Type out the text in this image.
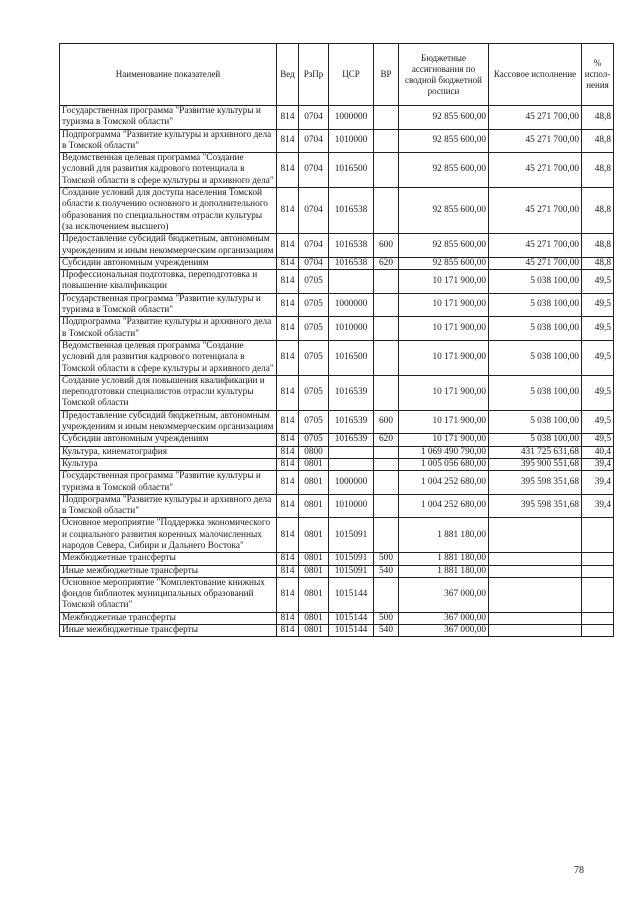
Наименование показателей	Вед	РзПр	ЦСР	ВР	Бюджетные ассигнования по сводной бюджетной росписи	Кассовое исполнение	% испол-нения
Государственная программа "Развитие культуры и туризма в Томской области"	814	0704	1000000		92 855 600,00	45 271 700,00	48,8
Подпрограмма "Развитие культуры и архивного дела в Томской области"	814	0704	1010000		92 855 600,00	45 271 700,00	48,8
Ведомственная целевая программа "Создание условий для развития кадрового потенциала в Томской области в сфере культуры и архивного дела"	814	0704	1016500		92 855 600,00	45 271 700,00	48,8
Создание условий для доступа населения Томской области к получению основного и дополнительного образования по специальностям отрасли культуры (за исключением высшего)	814	0704	1016538		92 855 600,00	45 271 700,00	48,8
Предоставление субсидий бюджетным, автономным учреждениям и иным некоммерческим организациям	814	0704	1016538	600	92 855 600,00	45 271 700,00	48,8
Субсидии автономным учреждениям	814	0704	1016538	620	92 855 600,00	45 271 700,00	48,8
Профессиональная подготовка, переподготовка и повышение квалификации	814	0705			10 171 900,00	5 038 100,00	49,5
Государственная программа "Развитие культуры и туризма в Томской области"	814	0705	1000000		10 171 900,00	5 038 100,00	49,5
Подпрограмма "Развитие культуры и архивного дела в Томской области"	814	0705	1010000		10 171 900,00	5 038 100,00	49,5
Ведомственная целевая программа "Создание условий для развития кадрового потенциала в Томской области в сфере культуры и архивного дела"	814	0705	1016500		10 171 900,00	5 038 100,00	49,5
Создание условий для повышения квалификации и переподготовки специалистов отрасли культуры Томской области	814	0705	1016539		10 171 900,00	5 038 100,00	49,5
Предоставление субсидий бюджетным, автономным учреждениям и иным некоммерческим организациям	814	0705	1016539	600	10 171 900,00	5 038 100,00	49,5
Субсидии автономным учреждениям	814	0705	1016539	620	10 171 900,00	5 038 100,00	49,5
Культура, кинематография	814	0800			1 069 490 790,00	431 725 631,68	40,4
Культура	814	0801			1 005 056 680,00	395 900 551,68	39,4
Государственная программа "Развитие культуры и туризма в Томской области"	814	0801	1000000		1 004 252 680,00	395 598 351,68	39,4
Подпрограмма "Развитие культуры и архивного дела в Томской области"	814	0801	1010000		1 004 252 680,00	395 598 351,68	39,4
Основное мероприятие "Поддержка экономического и социального развития коренных малочисленных народов Севера, Сибири и Дальнего Востока"	814	0801	1015091		1 881 180,00		
Межбюджетные трансферты	814	0801	1015091	500	1 881 180,00		
Иные межбюджетные трансферты	814	0801	1015091	540	1 881 180,00		
Основное мероприятие "Комплектование книжных фондов библиотек муниципальных образований Томской области"	814	0801	1015144		367 000,00		
Межбюджетные трансферты	814	0801	1015144	500	367 000,00		
Иные межбюджетные трансферты	814	0801	1015144	540	367 000,00		
78
